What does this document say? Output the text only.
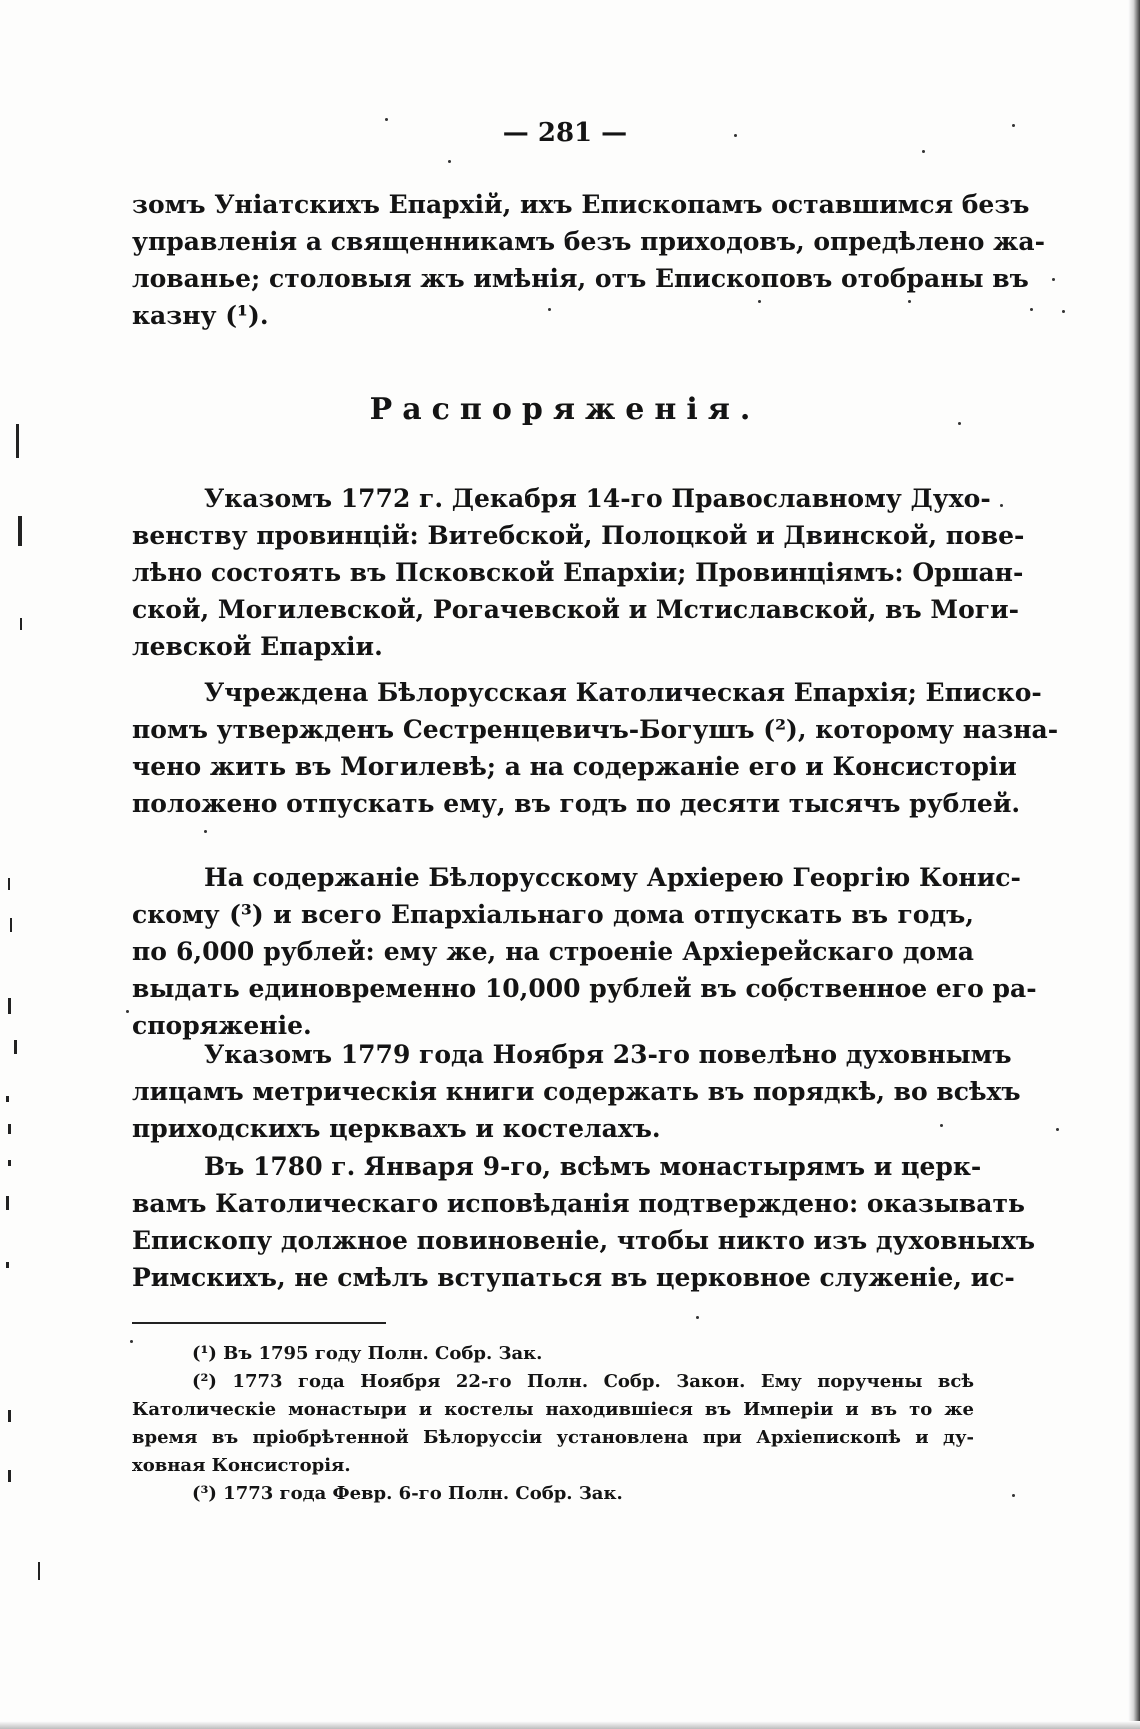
— 281 —
зомъ Уніатскихъ Епархій, ихъ Епископамъ оставшимся безъ
управленія а священникамъ безъ приходовъ, опредѣлено жа-
лованье; столовыя жъ имѣнія, отъ Епископовъ отобраны въ
казну (¹).
Распоряженія.
Указомъ 1772 г. Декабря 14-го Православному Духо-
венству провинцій: Витебской, Полоцкой и Двинской, пове-
лѣно состоять въ Псковской Епархіи; Провинціямъ: Оршан-
ской, Могилевской, Рогачевской и Мстиславской, въ Моги-
левской Епархіи.
Учреждена Бѣлорусская Католическая Епархія; Еписко-
помъ утвержденъ Сестренцевичъ-Богушъ (²), которому назна-
чено жить въ Могилевѣ; а на содержаніе его и Консисторіи
положено отпускать ему, въ годъ по десяти тысячъ рублей.
На содержаніе Бѣлорусскому Архіерею Георгію Конис-
скому (³) и всего Епархіальнаго дома отпускать въ годъ,
по 6,000 рублей: ему же, на строеніе Архіерейскаго дома
выдать единовременно 10,000 рублей въ собственное его ра-
споряженіе.
Указомъ 1779 года Ноября 23-го повелѣно духовнымъ
лицамъ метрическія книги содержать въ порядкѣ, во всѣхъ
приходскихъ церквахъ и костелахъ.
Въ 1780 г. Января 9-го, всѣмъ монастырямъ и церк-
вамъ Католическаго исповѣданія подтверждено: оказывать
Епископу должное повиновеніе, чтобы никто изъ духовныхъ
Римскихъ, не смѣлъ вступаться въ церковное служеніе, ис-
(¹) Въ 1795 году Полн. Собр. Зак.
(²) 1773 года Ноября 22-го Полн. Собр. Закон. Ему поручены всѣ
Католическіе монастыри и костелы находившіеся въ Имперіи и въ то же
время въ пріобрѣтенной Бѣлоруссіи установлена при Архіепископѣ и ду-
ховная Консисторія.
(³) 1773 года Февр. 6-го Полн. Собр. Зак.
